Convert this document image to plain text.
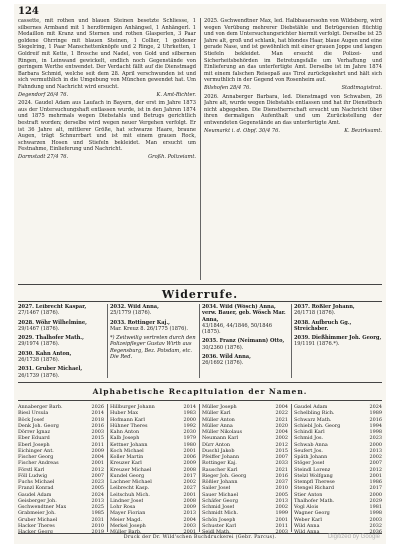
124

cassette, mit rothen und blauen Steinen besetzte Schliesse, 1 silbernes Armband mit 1 herzförmigen Anhängsel, 1 Anhängerl. 1 Medaillon mit Kranz und Sternen und rothen Glasperlen, 3 Paar goldene Ohrringe mit blauen Steinen, 1 Collier, 1 goldener Siegelring, 1 Paar Manschettenknöpfe und 2 Ringe, 2 Uhrketten, 1 Goldreif mit Kette, 1 Brosche und Nadel, von Gold und silbernen Ringen, in Leinwand gewickelt, endlich noch Gegenstände von geringem Werthe entwendet. Der Verdacht fällt auf die Dienstmagd Barbara Schmid, welche seit dem 28. April verschwunden ist und sich vermuthlich in die Umgebung von München gewendet hat. Um Fahndung und Nachricht wird ersucht.

Degendorf 26/4 76.	K. Amt-Richter.

2024. Gaudel Adam aus Laufach in Bayern, der erst im Jahre 1873 aus der Untersuchungshaft entlassen wurde, ist in den Jahren 1874 und 1875 mehrmals wegen Diebstahls und Betrugs gerichtlich bestraft worden; derselbe wird wegen neuer Vergehen verfolgt. Er ist 36 Jahre alt, mittlerer Größe, hat schwarze Haare, braune Augen, trägt Schnurrbart und ist mit einem grauen Rock, schwarzen Hosen und Stiefeln bekleidet. Man ersucht um Festnahme, Einlieferung und Nachricht.

Darmstadt 27/4 76.	Großh. Polizeiamt.

2025. Gschwendtner Max, led. Halbbauerssohn von Wildsberg, wird wegen Verübung mehrerer Diebstähle und Betrügereien flüchtig und von dem Untersuchungsrichter hiermit verfolgt. Derselbe ist 25 Jahre alt, groß und schlank, hat blondes Haar, blaue Augen und eine gerade Nase, und ist gewöhnlich mit einer grauen Joppe und langen Stiefeln bekleidet. Man ersucht die Polizei- und Sicherheitsbehörden im Betretungsfalle um Verhaftung und Einlieferung an das unterfertigte Amt. Derselbe ist im Jahre 1874 mit einem falschen Reisepaß aus Tirol zurückgekehrt und hält sich vermuthlich in der Gegend von Rosenheim auf.

Bilshofen 28/4 76.	Stadtmagistrat.

2026. Annaberger Barbara, led. Dienstmagd von Schwaben, 26 Jahre alt, wurde wegen Diebstahls entlassen und hat ihr Dienstbuch nicht abgegeben. Die Dienstherrschaft ersucht um Nachricht über ihren dermaligen Aufenthalt und um Zurückstellung der entwendeten Gegenstände an das unterfertigte Amt.

Neumarkt i. d. Obpf. 30/4 76.	K. Bezirksamt.

Widerrufe.
2027. Leibrecht Kaspar,
27/1467 (1876).
2028. Wöhr Wilhelmine,
29/1467 (1876).
2029. Thalhofer Math.,
29/1974 (1876).
2030. Kahn Anton,
26/1738 (1876).
2031. Gruber Michael,
26/1739 (1876).
2032. Wild Anna,
25/1779 (1876).
2033. Rottinger Kaj.,
Mar. Kreuz 8. 26/1775 (1876).
*) Zeitweilig vertreten durch den Polizeipfleger Gustav Wirth aus Regensburg, Bez. Potsdam, etc. Die Red.
2034. Wild (Wösch) Anna, verw. Bauer, geb. Wösch Mar. Anna,
43/1846, 44/1846, 50/1846 (1875).
2035. Franz (Neimann) Otto,
30/2360 (1876).
2036. Wild Anna,
26/1692 (1876).
2037. Rößler Johann,
26/1718 (1876).
2038. Aufbruch Gg., Streichsber.

2039. Dießhimmer Joh. Georg,
19/1191 (1876.*).
Alphabetische Recapitulation der Namen.
Annaberger Barb.	2026
Biesl Ursula	2014
Böck Josef	2018
Denk Joh. Georg	2016
Dörrer Ignaz	2003
Eber Eduard	2015
Eberl Joseph	2011
Eichinger Ant.	2009
Fischer Georg	2004
Fischer Andreas	2001
Förstl Karl	2012
Föll Ludwig	2007
Fuchs Michael	2023
Franzl Konrad	2005
Gaudel Adam	2024
Geisberger Joh.	2013
Gschwendtner Max	2025
Grabmeier Joh.	1985
Gruber Michael	2031
Hacker Theres	2010
Hacker Georg	2019
Hillburger Johann	2014
Huber Max	1983
Hofmann Karl	2000
Hühner Theres	1992
Kahn Anton	2030
Kalb Joseph	1979
Kettner Johann	1980
Koch Michael	2001
Koller Martin	2006
Kreuzer Karl	2009
Kreuzer Michael	2008
Kundel Georg	2017
Lachner Michael	2002
Leibrecht Kasp.	2027
Leitschuh Mich.	2001
Lindner Josef	2008
Lohr Rosa	2009
Mayer Fiorian	2013
Meier Magd.	2004
Merkel Joseph	2003
Müller Barb.	2001
Müller Joseph	2004
Müller Karl	2022
Müller Anton	2021
Müller Anna	2020
Müller Nikolaus	2004
Neumann Karl	2002
Dürr Anton	2012
Duschl Jakob	2015
Pfeiffer Johann	2007
Rottinger Kaj.	2033
Rauscher Karl	2021
Rieger Joh. Georg	2016
Rößler Johann	2037
Sailer Josef	2010
Sauer Michael	2005
Schäfer Georg	2013
Schmid Josef	2002
Schmidt Mich.	1999
Schön Joseph	2001
Schuster Karl	2011
Seidl Math.	2003
Gaudel Adam	2024
Schelbling Rich.	1989
Schwarz Math.	2016
Schiebl Joh. Georg	1994
Schindl Karl	1998
Schmid Jos.	2023
Schwab Anna	2000
Seufert Jos.	2013
Späth Johann	2002
Stöger Josef	2007
Steindl Lorenz	2012
Stelzl Wolfgang	2001
Stempfl Therese	1986
Stengel Richard	2017
Stier Anton	2000
Thalhofer Math.	2029
Vogl Alois	1981
Wagner Georg	1998
Weber Karl	2003
Wild Anna	2032
Wild Anna	2036
Druck der Dr. Wild'schen Buchdruckerei (Gebr. Parcus).	Digitized by Google
